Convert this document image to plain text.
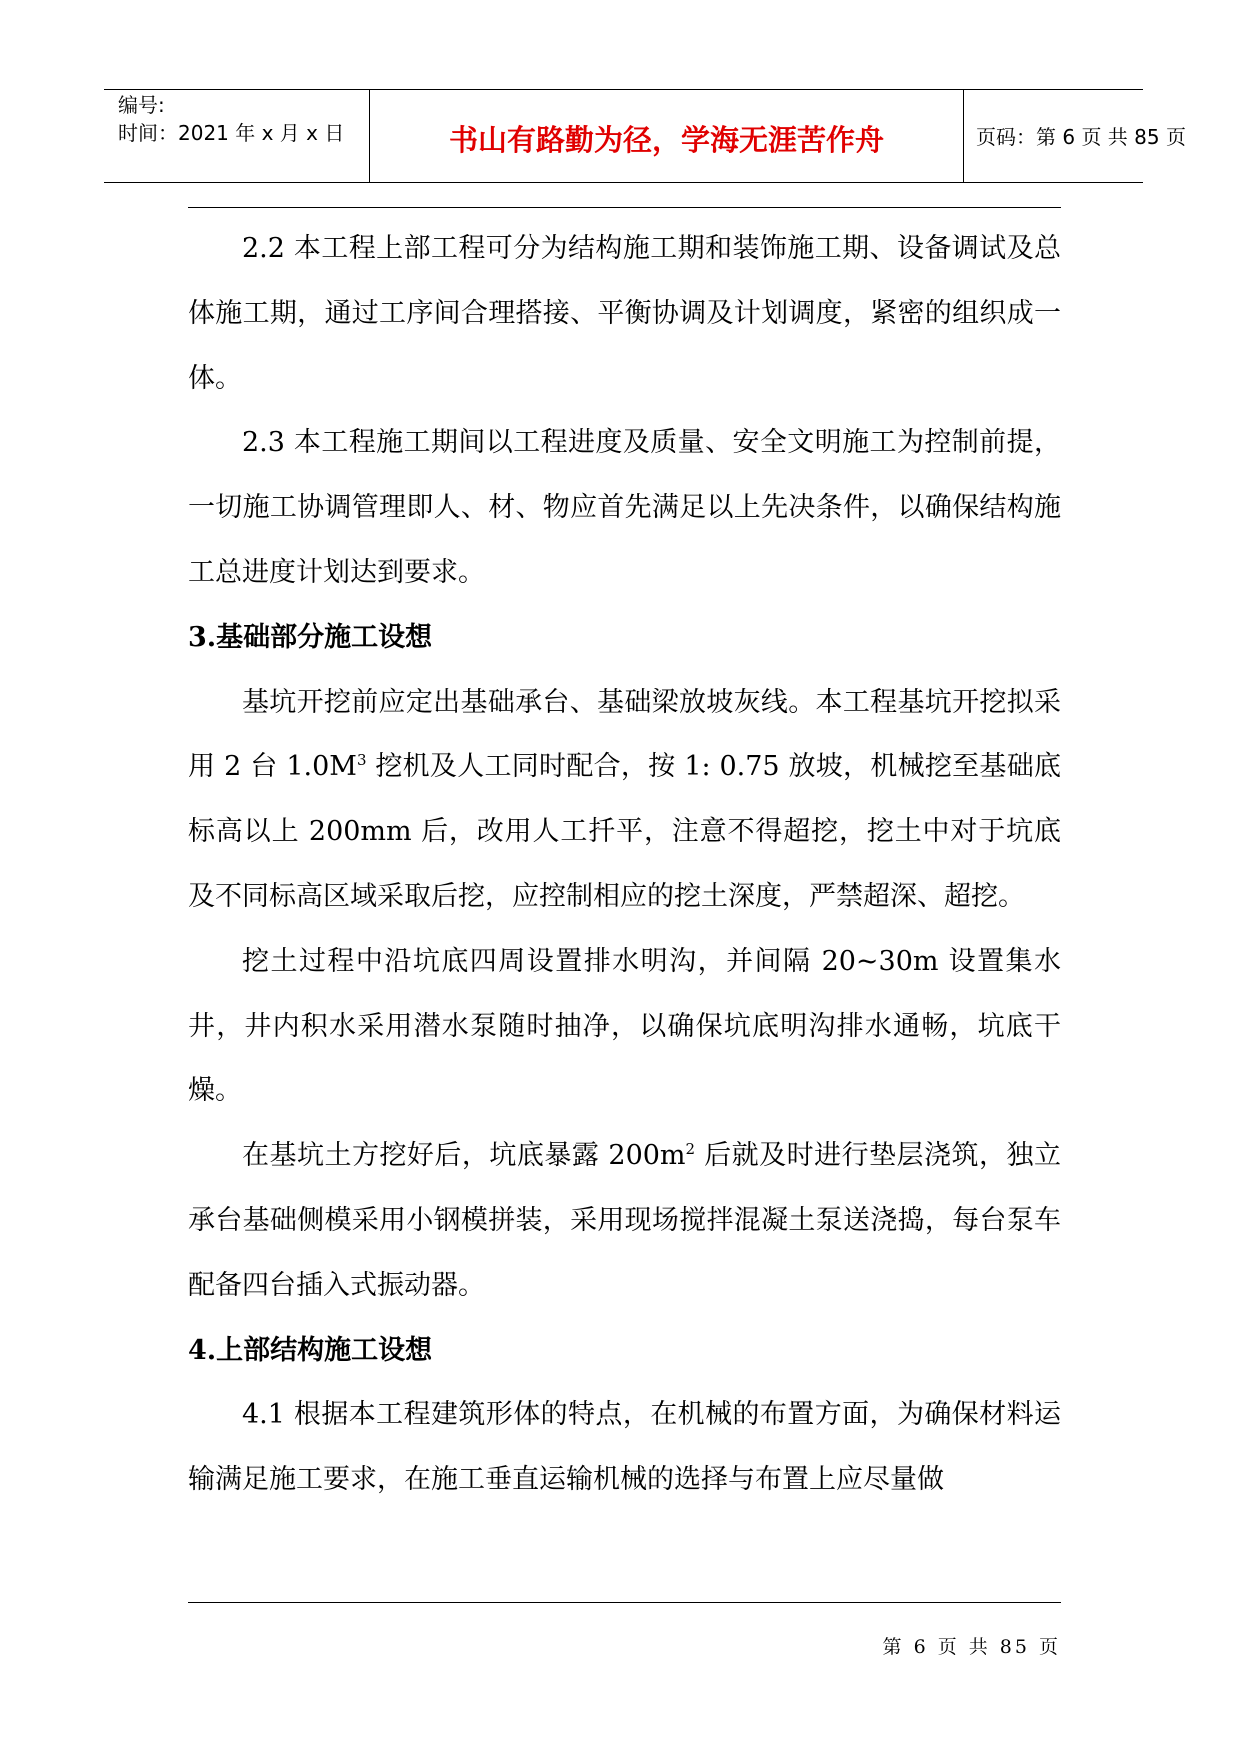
编号:
时间：2021 年 x 月 x 日	书山有路勤为径，学海无涯苦作舟	页码：第 6 页 共 85 页

2.2 本工程上部工程可分为结构施工期和装饰施工期、设备调试及总体施工期，通过工序间合理搭接、平衡协调及计划调度，紧密的组织成一体。

2.3 本工程施工期间以工程进度及质量、安全文明施工为控制前提，一切施工协调管理即人、材、物应首先满足以上先决条件，以确保结构施工总进度计划达到要求。

3.基础部分施工设想

基坑开挖前应定出基础承台、基础梁放坡灰线。本工程基坑开挖拟采用 2 台 $1.0M^3$ 挖机及人工同时配合，按 1: 0.75 放坡，机械挖至基础底标高以上 200mm 后，改用人工扦平，注意不得超挖，挖土中对于坑底及不同标高区域采取后挖，应控制相应的挖土深度，严禁超深、超挖。

挖土过程中沿坑底四周设置排水明沟，并间隔 20~30m 设置集水井，井内积水采用潜水泵随时抽净，以确保坑底明沟排水通畅，坑底干燥。

在基坑土方挖好后，坑底暴露 $200m^2$ 后就及时进行垫层浇筑，独立承台基础侧模采用小钢模拼装，采用现场搅拌混凝土泵送浇捣，每台泵车配备四台插入式振动器。

4.上部结构施工设想

4.1 根据本工程建筑形体的特点，在机械的布置方面，为确保材料运输满足施工要求，在施工垂直运输机械的选择与布置上应尽量做

第 6 页 共 85 页
